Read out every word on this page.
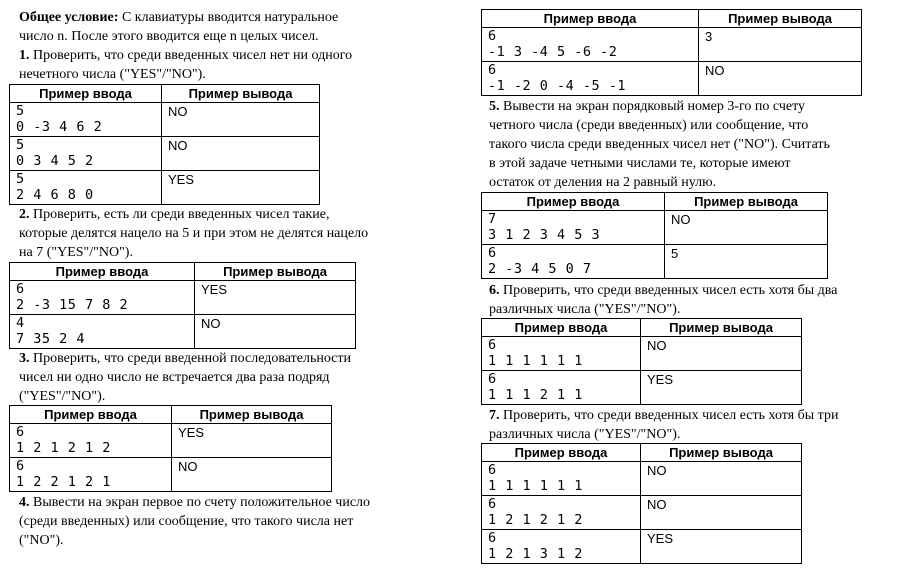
Общее условие: С клавиатуры вводится натуральное
число n. После этого вводится еще n целых чисел.
1. Проверить, что среди введенных чисел нет ни одного
нечетного числа ("YES"/"NO").
Пример ввода	Пример вывода

5
0 -3 4 6 2	NO

5
0 3 4 5 2	NO

5
2 4 6 8 0	YES
2. Проверить, есть ли среди введенных чисел такие,
которые делятся нацело на 5 и при этом не делятся нацело
на 7 ("YES"/"NO").
Пример ввода	Пример вывода

6
2 -3 15 7 8 2	YES

4
7 35 2 4	NO
3. Проверить, что среди введенной последовательности
чисел ни одно число не встречается два раза подряд
("YES"/"NO").
Пример ввода	Пример вывода

6
1 2 1 2 1 2	YES

6
1 2 2 1 2 1	NO
4. Вывести на экран первое по счету положительное число
(среди введенных) или сообщение, что такого числа нет
("NO").
Пример ввода	Пример вывода

6
-1 3 -4 5 -6 -2	3

6
-1 -2 0 -4 -5 -1	NO
5. Вывести на экран порядковый номер 3-го по счету
четного числа (среди введенных) или сообщение, что
такого числа среди введенных чисел нет ("NO"). Считать
в этой задаче четными числами те, которые имеют
остаток от деления на 2 равный нулю.
Пример ввода	Пример вывода

7
3 1 2 3 4 5 3	NO

6
2 -3 4 5 0 7	5
6. Проверить, что среди введенных чисел есть хотя бы два
различных числа ("YES"/"NO").
Пример ввода	Пример вывода

6
1 1 1 1 1 1	NO

6
1 1 1 2 1 1	YES
7. Проверить, что среди введенных чисел есть хотя бы три
различных числа ("YES"/"NO").
Пример ввода	Пример вывода

6
1 1 1 1 1 1	NO

6
1 2 1 2 1 2	NO

6
1 2 1 3 1 2	YES
